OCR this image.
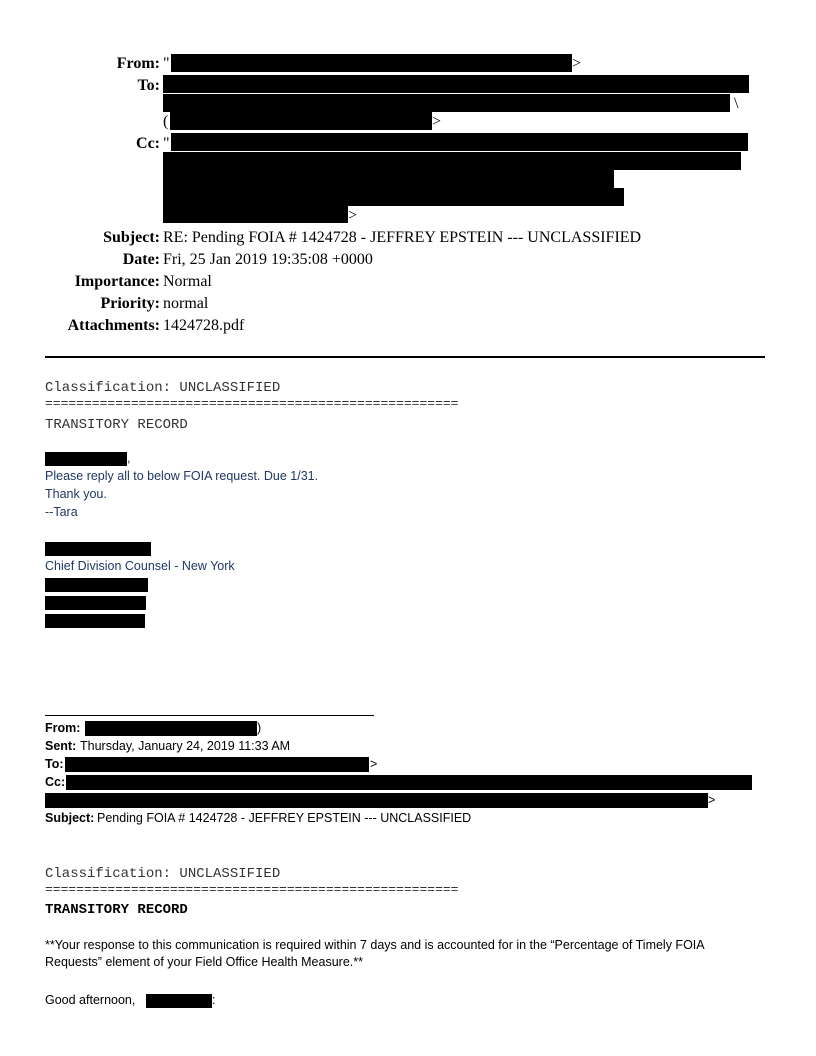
From: "	>
To:
\
(	>
Cc: "
>
Subject: RE: Pending FOIA # 1424728 - JEFFREY EPSTEIN --- UNCLASSIFIED
Date: Fri, 25 Jan 2019 19:35:08 +0000
Importance: Normal
Priority: normal
Attachments: 1424728.pdf
Classification: UNCLASSIFIED
=====================================================
TRANSITORY RECORD
,
Please reply all to below FOIA request. Due 1/31.
Thank you.
--Tara
Chief Division Counsel - New York
From:	)
Sent: Thursday, January 24, 2019 11:33 AM
To:	>
Cc:
>
Subject: Pending FOIA # 1424728 - JEFFREY EPSTEIN --- UNCLASSIFIED
Classification: UNCLASSIFIED
=====================================================
TRANSITORY RECORD
**Your response to this communication is required within 7 days and is accounted for in the “Percentage of Timely FOIA Requests” element of your Field Office Health Measure.**
Good afternoon,	:
